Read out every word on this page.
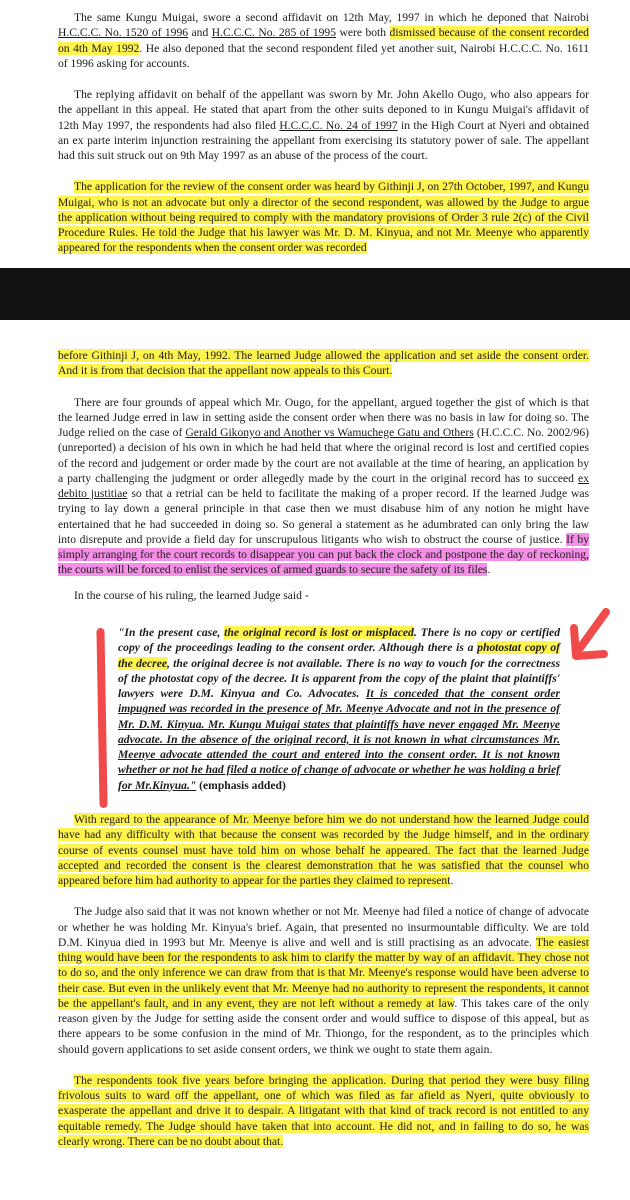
The same Kungu Muigai, swore a second affidavit on 12th May, 1997 in which he deponed that Nairobi H.C.C.C. No. 1520 of 1996 and H.C.C.C. No. 285 of 1995 were both dismissed because of the consent recorded on 4th May 1992. He also deponed that the second respondent filed yet another suit, Nairobi H.C.C.C. No. 1611 of 1996 asking for accounts.

The replying affidavit on behalf of the appellant was sworn by Mr. John Akello Ougo, who also appears for the appellant in this appeal. He stated that apart from the other suits deponed to in Kungu Muigai's affidavit of 12th May 1997, the respondents had also filed H.C.C.C. No. 24 of 1997 in the High Court at Nyeri and obtained an ex parte interim injunction restraining the appellant from exercising its statutory power of sale. The appellant had this suit struck out on 9th May 1997 as an abuse of the process of the court.

The application for the review of the consent order was heard by Githinji J, on 27th October, 1997, and Kungu Muigai, who is not an advocate but only a director of the second respondent, was allowed by the Judge to argue the application without being required to comply with the mandatory provisions of Order 3 rule 2(c) of the Civil Procedure Rules. He told the Judge that his lawyer was Mr. D. M. Kinyua, and not Mr. Meenye who apparently appeared for the respondents when the consent order was recorded

before Githinji J, on 4th May, 1992. The learned Judge allowed the application and set aside the consent order. And it is from that decision that the appellant now appeals to this Court.

There are four grounds of appeal which Mr. Ougo, for the appellant, argued together the gist of which is that the learned Judge erred in law in setting aside the consent order when there was no basis in law for doing so. The Judge relied on the case of Gerald Gikonyo and Another vs Wamuchege Gatu and Others (H.C.C.C. No. 2002/96) (unreported) a decision of his own in which he had held that where the original record is lost and certified copies of the record and judgement or order made by the court are not available at the time of hearing, an application by a party challenging the judgment or order allegedly made by the court in the original record has to succeed ex debito justitiae so that a retrial can be held to facilitate the making of a proper record. If the learned Judge was trying to lay down a general principle in that case then we must disabuse him of any notion he might have entertained that he had succeeded in doing so. So general a statement as he adumbrated can only bring the law into disrepute and provide a field day for unscrupulous litigants who wish to obstruct the course of justice. If by simply arranging for the court records to disappear you can put back the clock and postpone the day of reckoning, the courts will be forced to enlist the services of armed guards to secure the safety of its files.

In the course of his ruling, the learned Judge said -

"In the present case, the original record is lost or misplaced. There is no copy or certified copy of the proceedings leading to the consent order. Although there is a photostat copy of the decree, the original decree is not available. There is no way to vouch for the correctness of the photostat copy of the decree. It is apparent from the copy of the plaint that plaintiffs' lawyers were D.M. Kinyua and Co. Advocates. It is conceded that the consent order impugned was recorded in the presence of Mr. Meenye Advocate and not in the presence of Mr. D.M. Kinyua. Mr. Kungu Muigai states that plaintiffs have never engaged Mr. Meenye advocate. In the absence of the original record, it is not known in what circumstances Mr. Meenye advocate attended the court and entered into the consent order. It is not known whether or not he had filed a notice of change of advocate or whether he was holding a brief for Mr.Kinyua." (emphasis added)

With regard to the appearance of Mr. Meenye before him we do not understand how the learned Judge could have had any difficulty with that because the consent was recorded by the Judge himself, and in the ordinary course of events counsel must have told him on whose behalf he appeared. The fact that the learned Judge accepted and recorded the consent is the clearest demonstration that he was satisfied that the counsel who appeared before him had authority to appear for the parties they claimed to represent.

The Judge also said that it was not known whether or not Mr. Meenye had filed a notice of change of advocate or whether he was holding Mr. Kinyua's brief. Again, that presented no insurmountable difficulty. We are told D.M. Kinyua died in 1993 but Mr. Meenye is alive and well and is still practising as an advocate. The easiest thing would have been for the respondents to ask him to clarify the matter by way of an affidavit. They chose not to do so, and the only inference we can draw from that is that Mr. Meenye's response would have been adverse to their case. But even in the unlikely event that Mr. Meenye had no authority to represent the respondents, it cannot be the appellant's fault, and in any event, they are not left without a remedy at law. This takes care of the only reason given by the Judge for setting aside the consent order and would suffice to dispose of this appeal, but as there appears to be some confusion in the mind of Mr. Thiongo, for the respondent, as to the principles which should govern applications to set aside consent orders, we think we ought to state them again.

The respondents took five years before bringing the application. During that period they were busy filing frivolous suits to ward off the appellant, one of which was filed as far afield as Nyeri, quite obviously to exasperate the appellant and drive it to despair. A litigatant with that kind of track record is not entitled to any equitable remedy. The Judge should have taken that into account. He did not, and in failing to do so, he was clearly wrong. There can be no doubt about that.
